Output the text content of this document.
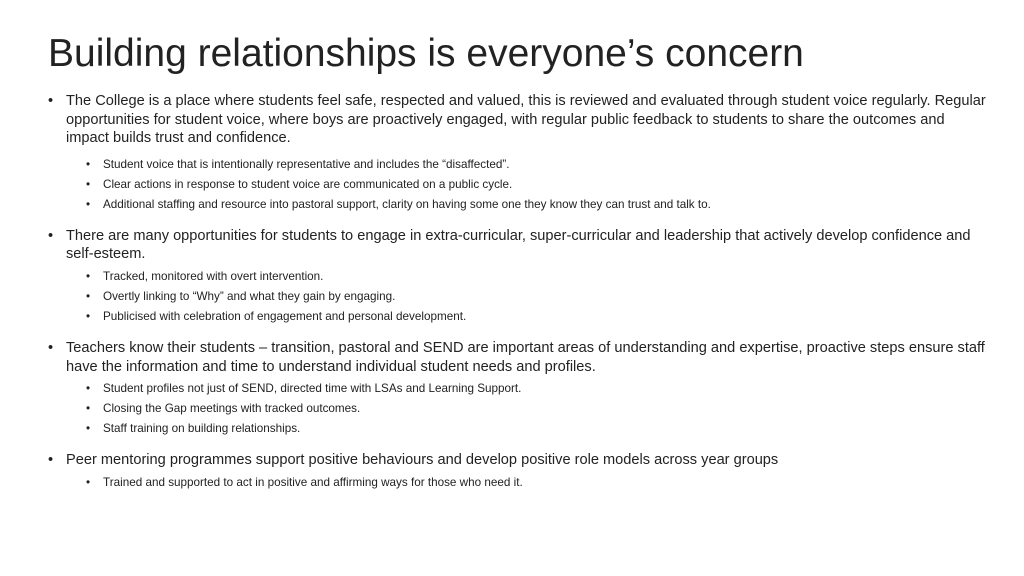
Building relationships is everyone’s concern
• The College is a place where students feel safe, respected and valued, this is reviewed and evaluated through student voice regularly. Regular opportunities for student voice, where boys are proactively engaged, with regular public feedback to students to share the outcomes and impact builds trust and confidence.
• Student voice that is intentionally representative and includes the “disaffected”.
• Clear actions in response to student voice are communicated on a public cycle.
• Additional staffing and resource into pastoral support, clarity on having some one they know they can trust and talk to.
• There are many opportunities for students to engage in extra-curricular, super-curricular and leadership that actively develop confidence and self-esteem.
• Tracked, monitored with overt intervention.
• Overtly linking to “Why” and what they gain by engaging.
• Publicised with celebration of engagement and personal development.
• Teachers know their students – transition, pastoral and SEND are important areas of understanding and expertise, proactive steps ensure staff have the information and time to understand individual student needs and profiles.
• Student profiles not just of SEND, directed time with LSAs and Learning Support.
• Closing the Gap meetings with tracked outcomes.
• Staff training on building relationships.
• Peer mentoring programmes support positive behaviours and develop positive role models across year groups
• Trained and supported to act in positive and affirming ways for those who need it.
